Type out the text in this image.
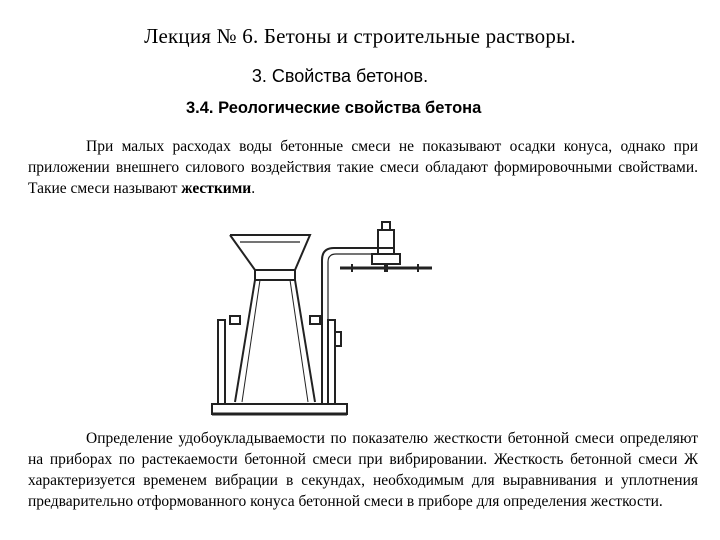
Лекция № 6. Бетоны и строительные растворы.
3. Свойства бетонов.
3.4. Реологические свойства бетона
При малых расходах воды бетонные смеси не показывают осадки конуса, однако при приложении внешнего силового воздействия такие смеси обладают формировочными свойствами. Такие смеси называют жесткими.
Определение удобоукладываемости по показателю жесткости бетонной смеси определяют на приборах по растекаемости бетонной смеси при вибрировании. Жесткость бетонной смеси Ж характеризуется временем вибрации в секундах, необходимым для выравнивания и уплотнения предварительно отформованного конуса бетонной смеси в приборе для определения жесткости.
